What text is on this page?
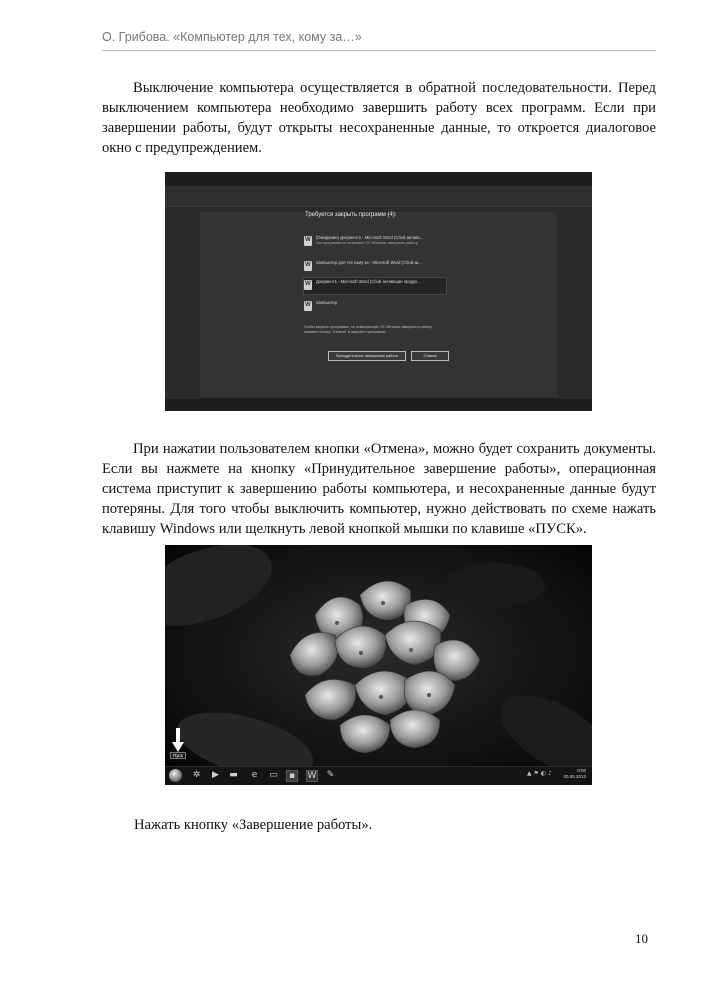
О. Грибова. «Компьютер для тех, кому за…»

Выключение компьютера осуществляется в обратной последовательности. Перед выключением компьютера необходимо завершить работу всех программ. Если при завершении работы, будут открыты несохраненные данные, то откроется диалоговое окно с предупреждением.

Требуется закрыть программ (4):
W
(Ожидание) Документ2 - Microsoft Word (Сбой актива...
Эта программа не позволяет ОС Windows завершить работу.
W
компьютер для тех кому за - Microsoft Word (Сбой ак...
W
Документ1 - Microsoft Word (Сбой активации продук...
W
компьютер
Чтобы закрыть программы, не позволяющие ОС Windows завершить работу, нажмите кнопку "Отмена" и закройте программы.
Принудительное завершение работы	Отмена

При нажатии пользователем кнопки «Отмена», можно будет сохранить документы. Если вы нажмете на кнопку «Принудительное завершение работы», операционная система приступит к завершению работы компьютера, и несохраненные данные будут потеряны. Для того чтобы выключить компьютер, нужно действовать по схеме нажать клавишу Windows или щелкнуть левой кнопкой мышки по клавише «ПУСК».

Пуск
✲ ▶ ▬	e	▭	▪	W ✎	▲ ⚑ ◐ ♪	0:00
00.00.2013

Нажать кнопку «Завершение работы».

10
